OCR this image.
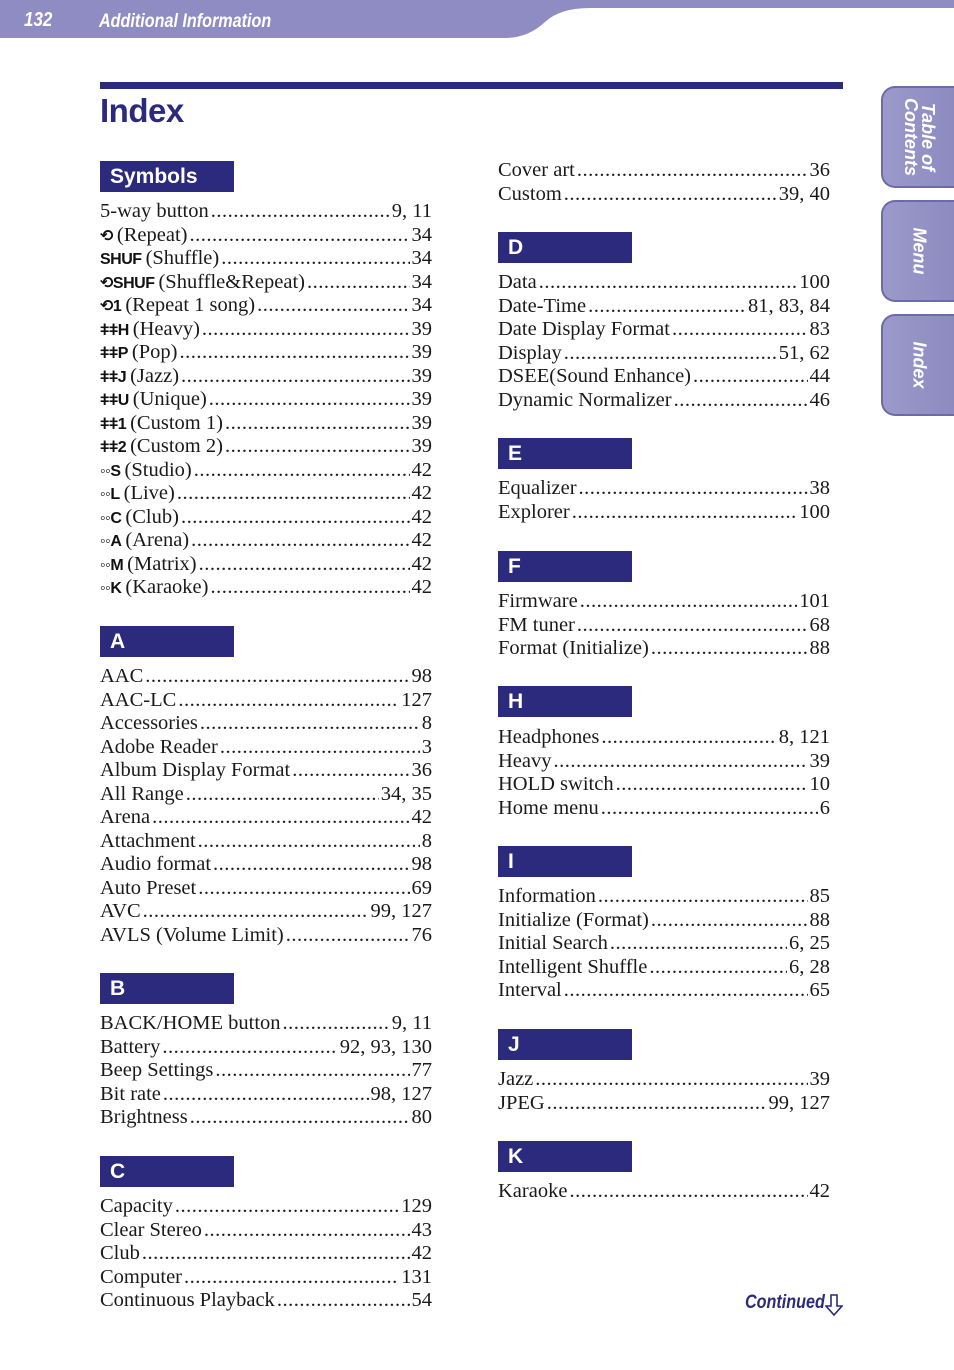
132 Additional Information
Index
Symbols
5-way button .....	9, 11
⟲ (Repeat) .....	34
SHUF (Shuffle) .....	34
⟲SHUF (Shuffle&Repeat) .....	34
⟲1 (Repeat 1 song) .....	34
ǂǂH (Heavy) .....	39
ǂǂP (Pop) .....	39
ǂǂJ (Jazz) .....	39
ǂǂU (Unique) .....	39
ǂǂ1 (Custom 1) .....	39
ǂǂ2 (Custom 2) .....	39
◦◦S (Studio) .....	42
◦◦L (Live) .....	42
◦◦C (Club) .....	42
◦◦A (Arena) .....	42
◦◦M (Matrix) .....	42
◦◦K (Karaoke) .....	42
A
AAC .....	98
AAC-LC .....	127
Accessories .....	8
Adobe Reader .....	3
Album Display Format .....	36
All Range .....	34, 35
Arena .....	42
Attachment .....	8
Audio format .....	98
Auto Preset .....	69
AVC .....	99, 127
AVLS (Volume Limit) .....	76
B
BACK/HOME button .....	9, 11
Battery .....	92, 93, 130
Beep Settings .....	77
Bit rate .....	98, 127
Brightness .....	80
C
Capacity .....	129
Clear Stereo .....	43
Club .....	42
Computer .....	131
Continuous Playback .....	54
Cover art .....	36
Custom .....	39, 40
D
Data .....	100
Date-Time .....	81, 83, 84
Date Display Format .....	83
Display .....	51, 62
DSEE(Sound Enhance) .....	44
Dynamic Normalizer .....	46
E
Equalizer .....	38
Explorer .....	100
F
Firmware .....	101
FM tuner .....	68
Format (Initialize) .....	88
H
Headphones .....	8, 121
Heavy .....	39
HOLD switch .....	10
Home menu .....	6
I
Information .....	85
Initialize (Format) .....	88
Initial Search .....	6, 25
Intelligent Shuffle .....	6, 28
Interval .....	65
J
Jazz .....	39
JPEG .....	99, 127
K
Karaoke .....	42
Table of
Contents
Menu
Index
Continued
